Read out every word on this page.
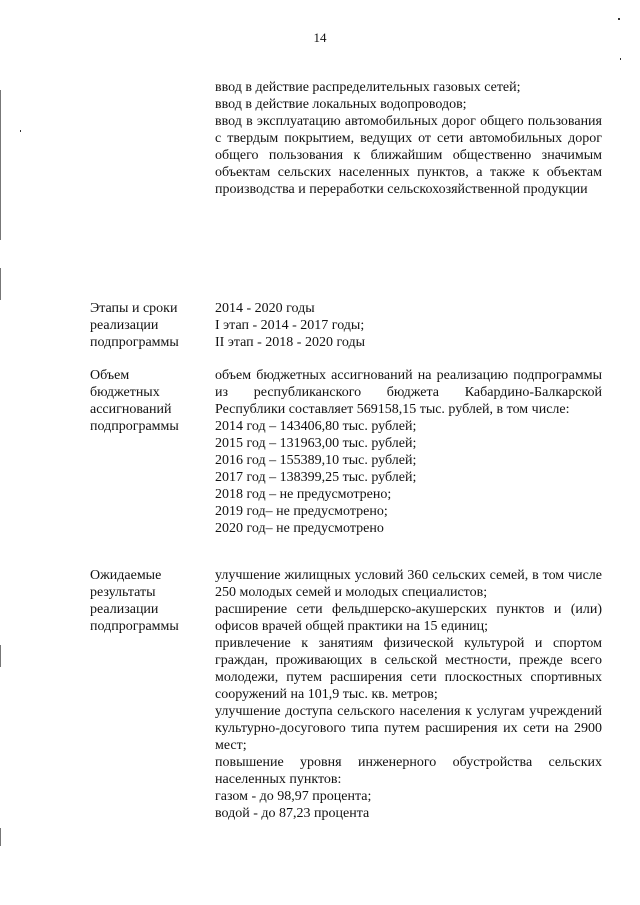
14

ввод в действие распределительных газовых сетей;

ввод в действие локальных водопроводов;

ввод в эксплуатацию автомобильных дорог общего пользования с твердым покрытием, ведущих от сети автомобильных дорог общего пользования к ближайшим общественно значимым объектам сельских населенных пунктов, а также к объектам производства и переработки сельскохозяйственной продукции

Этапы и сроки
реализации
подпрограммы

2014 - 2020 годы

I этап - 2014 - 2017 годы;

II этап - 2018 - 2020 годы

Объем
бюджетных
ассигнований
подпрограммы

объем бюджетных ассигнований на реализацию подпрограммы из республиканского бюджета Кабардино-Балкарской Республики составляет 569158,15 тыс. рублей, в том числе:

2014 год – 143406,80 тыс. рублей;

2015 год – 131963,00 тыс. рублей;

2016 год – 155389,10 тыс. рублей;

2017 год – 138399,25 тыс. рублей;

2018 год – не предусмотрено;

2019 год– не предусмотрено;

2020 год– не предусмотрено

Ожидаемые
результаты
реализации
подпрограммы

улучшение жилищных условий 360 сельских семей, в том числе 250 молодых семей и молодых специалистов;

расширение сети фельдшерско-акушерских пунктов и (или) офисов врачей общей практики на 15 единиц;

привлечение к занятиям физической культурой и спортом граждан, проживающих в сельской местности, прежде всего молодежи, путем расширения сети плоскостных спортивных сооружений на 101,9 тыс. кв. метров;

улучшение доступа сельского населения к услугам учреждений культурно-досугового типа путем расширения их сети на 2900 мест;

повышение уровня инженерного обустройства сельских населенных пунктов:

газом - до 98,97 процента;

водой - до 87,23 процента
